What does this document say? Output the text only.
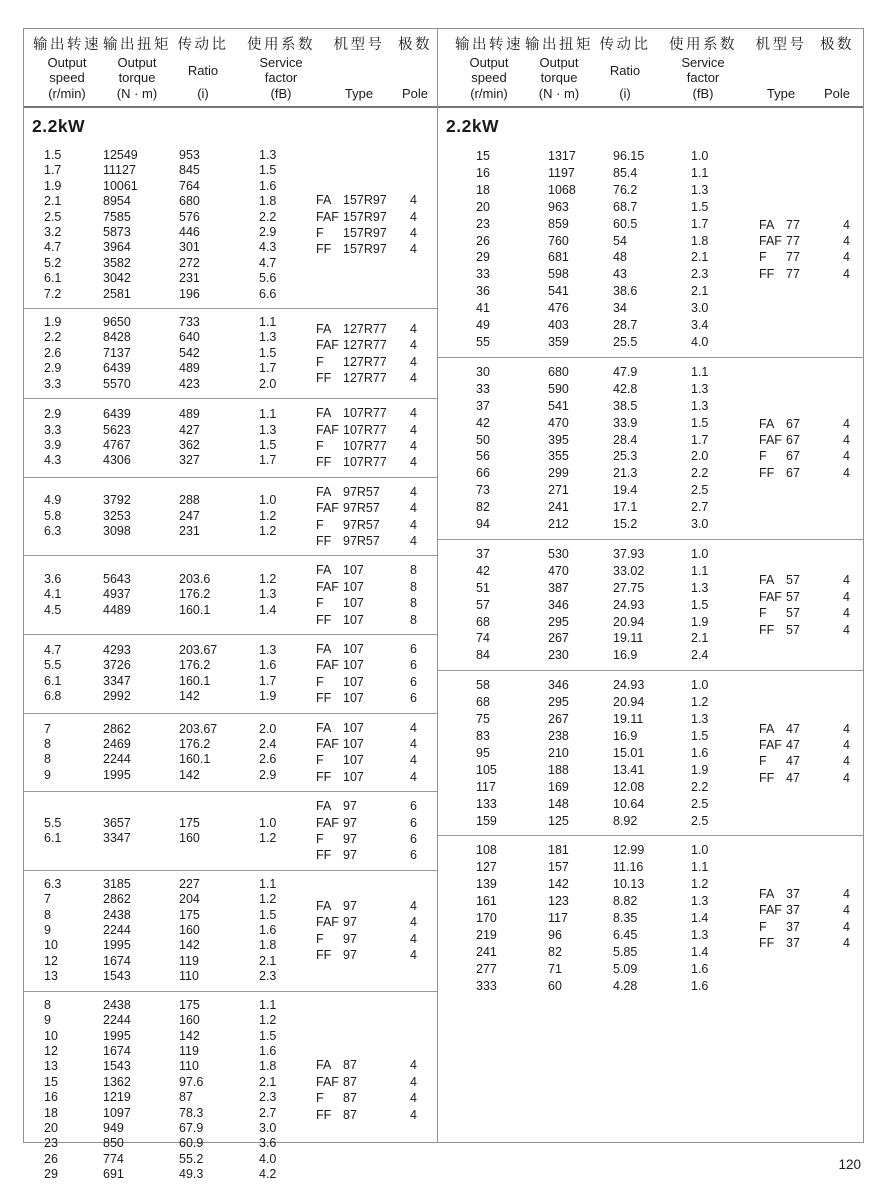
输出转速
Output
speed
(r/min)
输出扭矩
Output
torque
(N · m)
传动比
Ratio
(i)
使用系数
Service
factor
(fB)
机型号
Type
极数
Pole
2.2kW
1.5	12549	953	1.3
1.7	11127	845	1.5
1.9	10061	764	1.6
2.1	8954	680	1.8
2.5	7585	576	2.2
3.2	5873	446	2.9
4.7	3964	301	4.3
5.2	3582	272	4.7
6.1	3042	231	5.6
7.2	2581	196	6.6
FA 157R97	4
FAF 157R97	4
F	157R97	4
FF 157R97	4
1.9	9650	733	1.1
2.2	8428	640	1.3
2.6	7137	542	1.5
2.9	6439	489	1.7
3.3	5570	423	2.0
FA 127R77	4
FAF 127R77	4
F	127R77	4
FF 127R77	4
2.9	6439	489	1.1
3.3	5623	427	1.3
3.9	4767	362	1.5
4.3	4306	327	1.7
FA 107R77	4
FAF 107R77	4
F	107R77	4
FF 107R77	4
4.9	3792	288	1.0
5.8	3253	247	1.2
6.3	3098	231	1.2
FA 97R57	4
FAF 97R57	4
F	97R57	4
FF 97R57	4
3.6	5643	203.6	1.2
4.1	4937	176.2	1.3
4.5	4489	160.1	1.4
FA 107	8
FAF 107	8
F	107	8
FF 107	8
4.7	4293	203.67	1.3
5.5	3726	176.2	1.6
6.1	3347	160.1	1.7
6.8	2992	142	1.9
FA 107	6
FAF 107	6
F	107	6
FF 107	6
7	2862	203.67	2.0
8	2469	176.2	2.4
8	2244	160.1	2.6
9	1995	142	2.9
FA 107	4
FAF 107	4
F	107	4
FF 107	4
5.5	3657	175	1.0
6.1	3347	160	1.2
FA 97	6
FAF 97	6
F	97	6
FF 97	6
6.3	3185	227	1.1
7	2862	204	1.2
8	2438	175	1.5
9	2244	160	1.6
10	1995	142	1.8
12	1674	119	2.1
13	1543	110	2.3
FA 97	4
FAF 97	4
F	97	4
FF 97	4
8	2438	175	1.1
9	2244	160	1.2
10	1995	142	1.5
12	1674	119	1.6
13	1543	110	1.8
15	1362	97.6	2.1
16	1219	87	2.3
18	1097	78.3	2.7
20	949	67.9	3.0
23	850	60.9	3.6
26	774	55.2	4.0
29	691	49.3	4.2
FA 87	4
FAF 87	4
F	87	4
FF 87	4
输出转速
Output
speed
(r/min)
输出扭矩
Output
torque
(N · m)
传动比
Ratio
(i)
使用系数
Service
factor
(fB)
机型号
Type
极数
Pole
2.2kW
15	1317	96.15	1.0
16	1197	85.4	1.1
18	1068	76.2	1.3
20	963	68.7	1.5
23	859	60.5	1.7
26	760	54	1.8
29	681	48	2.1
33	598	43	2.3
36	541	38.6	2.1
41	476	34	3.0
49	403	28.7	3.4
55	359	25.5	4.0
FA 77	4
FAF 77	4
F	77	4
FF 77	4
30	680	47.9	1.1
33	590	42.8	1.3
37	541	38.5	1.3
42	470	33.9	1.5
50	395	28.4	1.7
56	355	25.3	2.0
66	299	21.3	2.2
73	271	19.4	2.5
82	241	17.1	2.7
94	212	15.2	3.0
FA 67	4
FAF 67	4
F	67	4
FF 67	4
37	530	37.93	1.0
42	470	33.02	1.1
51	387	27.75	1.3
57	346	24.93	1.5
68	295	20.94	1.9
74	267	19.11	2.1
84	230	16.9	2.4
FA 57	4
FAF 57	4
F	57	4
FF 57	4
58	346	24.93	1.0
68	295	20.94	1.2
75	267	19.11	1.3
83	238	16.9	1.5
95	210	15.01	1.6
105	188	13.41	1.9
117	169	12.08	2.2
133	148	10.64	2.5
159	125	8.92	2.5
FA 47	4
FAF 47	4
F	47	4
FF 47	4
108	181	12.99	1.0
127	157	11.16	1.1
139	142	10.13	1.2
161	123	8.82	1.3
170	117	8.35	1.4
219	96	6.45	1.3
241	82	5.85	1.4
277	71	5.09	1.6
333	60	4.28	1.6
FA 37	4
FAF 37	4
F	37	4
FF 37	4
120
